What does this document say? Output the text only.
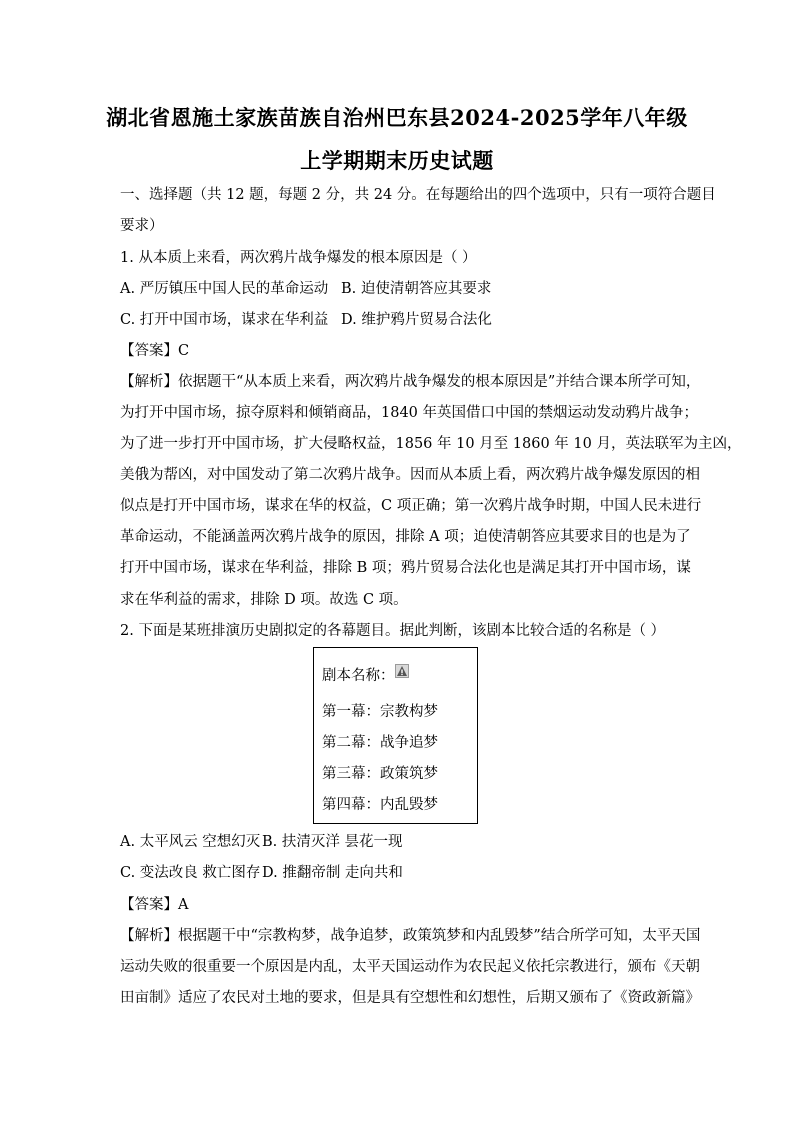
湖北省恩施土家族苗族自治州巴东县2024-2025学年八年级
上学期期末历史试题
一、选择题（共 12 题，每题 2 分，共 24 分。在每题给出的四个选项中，只有一项符合题目
要求）
1. 从本质上来看，两次鸦片战争爆发的根本原因是（ ）
A. 严厉镇压中国人民的革命运动 B. 迫使清朝答应其要求
C. 打开中国市场，谋求在华利益 D. 维护鸦片贸易合法化
【答案】C
【解析】依据题干“从本质上来看，两次鸦片战争爆发的根本原因是”并结合课本所学可知，
为打开中国市场，掠夺原料和倾销商品，1840 年英国借口中国的禁烟运动发动鸦片战争；
为了进一步打开中国市场，扩大侵略权益，1856 年 10 月至 1860 年 10 月，英法联军为主凶，
美俄为帮凶，对中国发动了第二次鸦片战争。因而从本质上看，两次鸦片战争爆发原因的相
似点是打开中国市场，谋求在华的权益，C 项正确；第一次鸦片战争时期，中国人民未进行
革命运动，不能涵盖两次鸦片战争的原因，排除 A 项；迫使清朝答应其要求目的也是为了
打开中国市场，谋求在华利益，排除 B 项；鸦片贸易合法化也是满足其打开中国市场，谋
求在华利益的需求，排除 D 项。故选 C 项。
2. 下面是某班排演历史剧拟定的各幕题目。据此判断，该剧本比较合适的名称是（ ）
剧本名称：
第一幕：宗教构梦
第二幕：战争追梦
第三幕：政策筑梦
第四幕：内乱毁梦
A. 太平风云 空想幻灭 B. 扶清灭洋 昙花一现
C. 变法改良 救亡图存 D. 推翻帝制 走向共和
【答案】A
【解析】根据题干中“宗教构梦，战争追梦，政策筑梦和内乱毁梦”结合所学可知，太平天国
运动失败的很重要一个原因是内乱，太平天国运动作为农民起义依托宗教进行，颁布《天朝
田亩制》适应了农民对土地的要求，但是具有空想性和幻想性，后期又颁布了《资政新篇》
